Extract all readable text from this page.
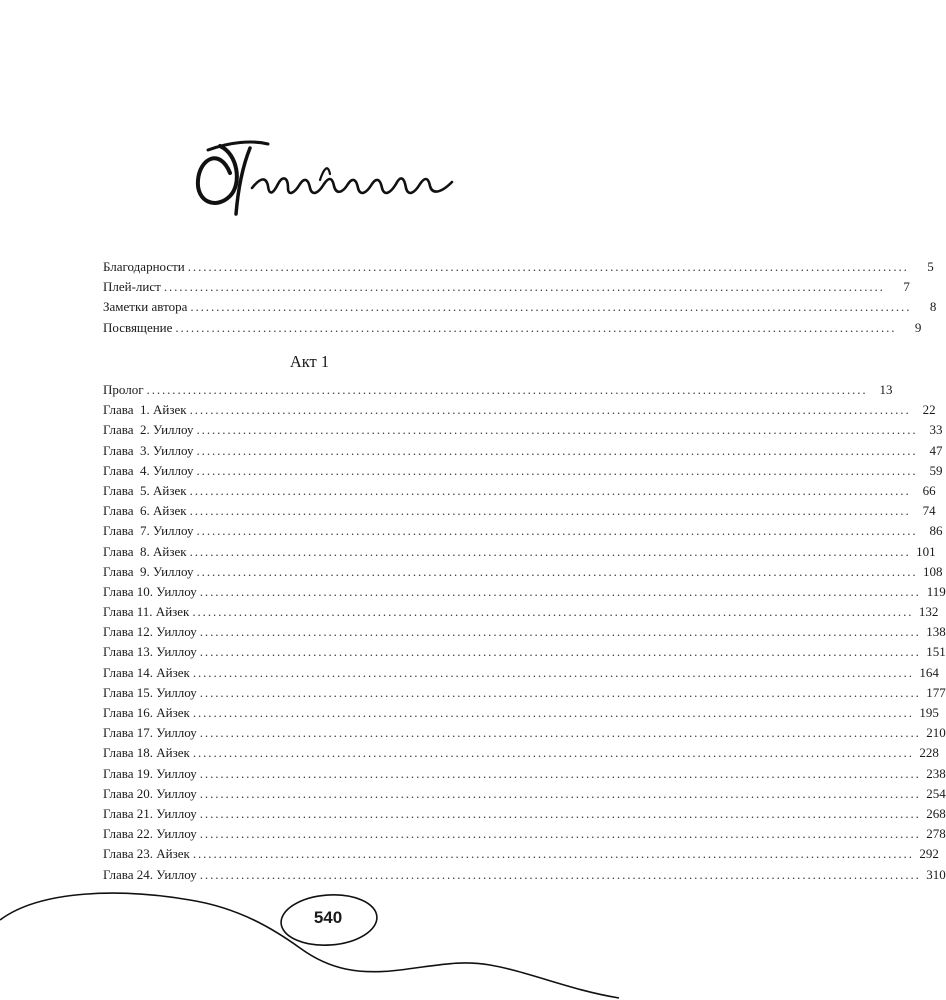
Благодарности ............................................................................................................................................	5
Плей-лист ............................................................................................................................................	7
Заметки автора ............................................................................................................................................	8
Посвящение ............................................................................................................................................	9
Акт 1
Пролог ............................................................................................................................................ 13
Глава  1. Айзек ............................................................................................................................................ 22
Глава  2. Уиллоу ............................................................................................................................................ 33
Глава  3. Уиллоу ............................................................................................................................................ 47
Глава  4. Уиллоу ............................................................................................................................................ 59
Глава  5. Айзек ............................................................................................................................................ 66
Глава  6. Айзек ............................................................................................................................................ 74
Глава  7. Уиллоу ............................................................................................................................................ 86
Глава  8. Айзек ............................................................................................................................................ 101
Глава  9. Уиллоу ............................................................................................................................................ 108
Глава 10. Уиллоу ............................................................................................................................................ 119
Глава 11. Айзек ............................................................................................................................................ 132
Глава 12. Уиллоу ............................................................................................................................................ 138
Глава 13. Уиллоу ............................................................................................................................................ 151
Глава 14. Айзек ............................................................................................................................................ 164
Глава 15. Уиллоу ............................................................................................................................................ 177
Глава 16. Айзек ............................................................................................................................................ 195
Глава 17. Уиллоу ............................................................................................................................................ 210
Глава 18. Айзек ............................................................................................................................................ 228
Глава 19. Уиллоу ............................................................................................................................................ 238
Глава 20. Уиллоу ............................................................................................................................................ 254
Глава 21. Уиллоу ............................................................................................................................................ 268
Глава 22. Уиллоу ............................................................................................................................................ 278
Глава 23. Айзек ............................................................................................................................................ 292
Глава 24. Уиллоу ............................................................................................................................................ 310
540
